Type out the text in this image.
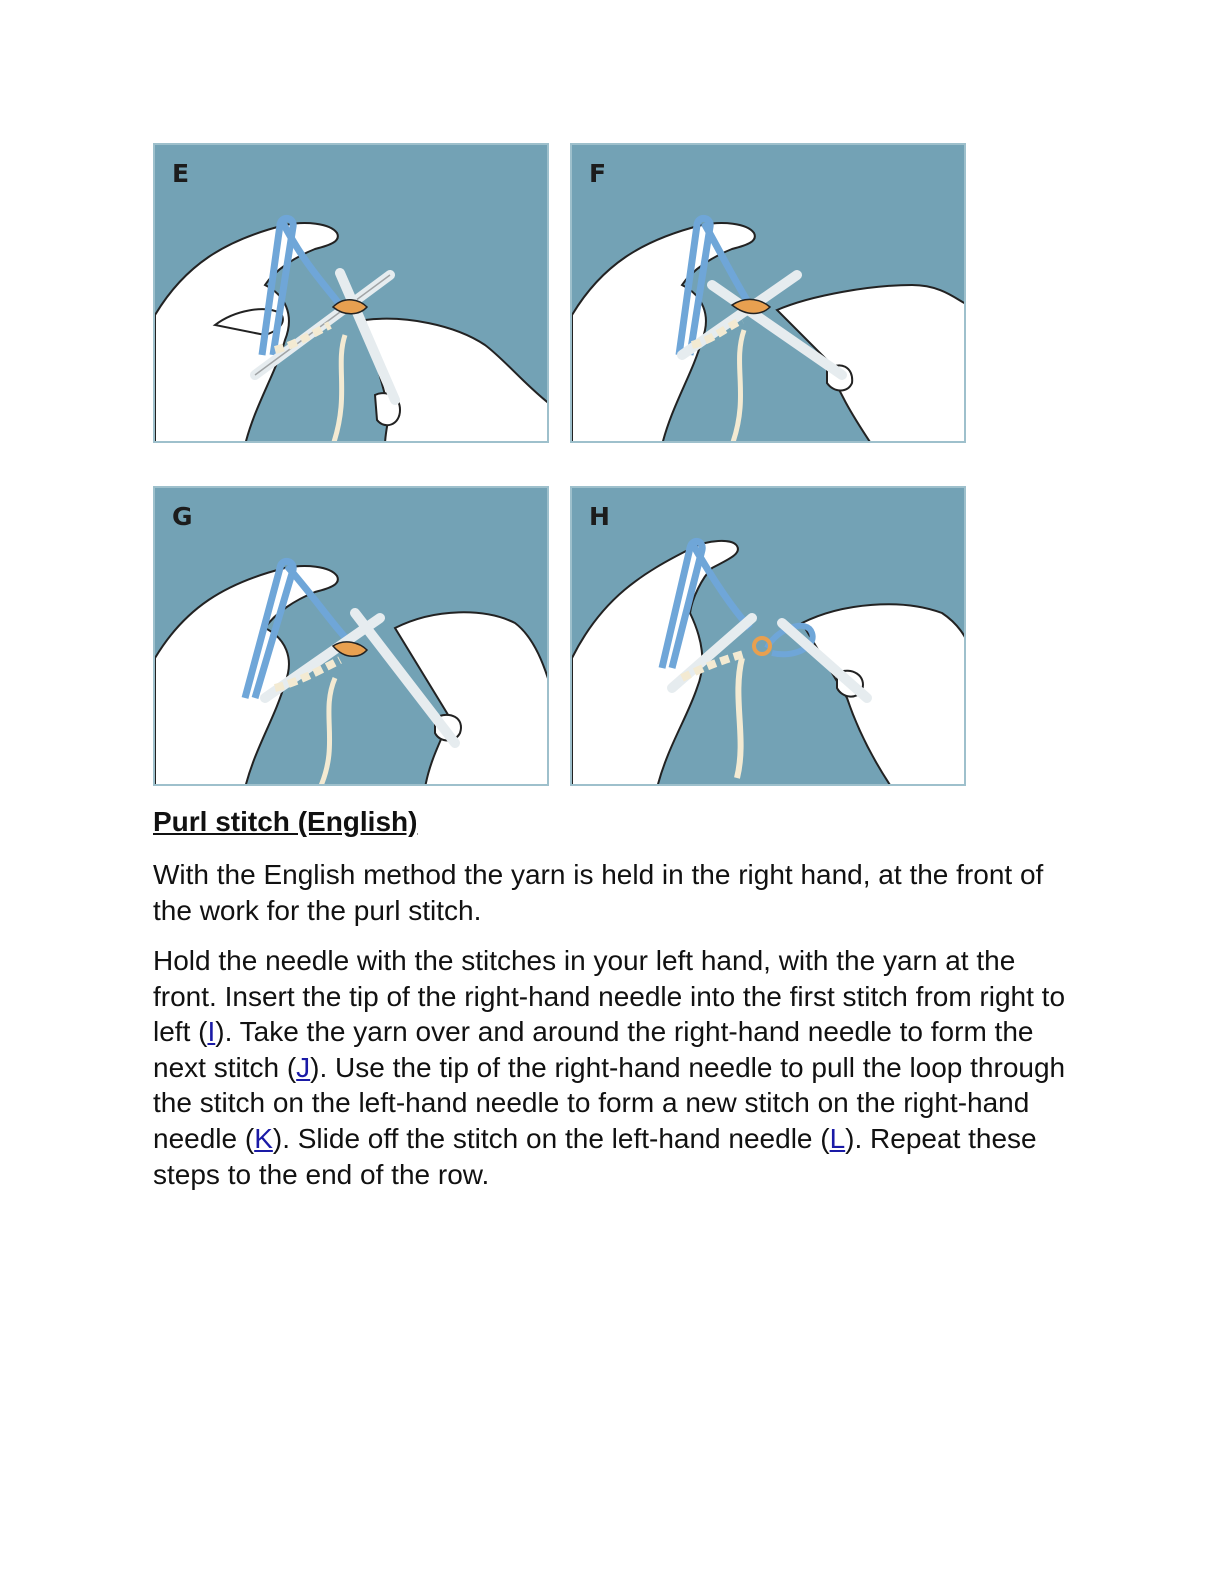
E	F
G	H
Purl stitch (English)

With the English method the yarn is held in the right hand, at the front of the work for the purl stitch.

Hold the needle with the stitches in your left hand, with the yarn at the front. Insert the tip of the right-hand needle into the first stitch from right to left (I). Take the yarn over and around the right-hand needle to form the next stitch (J). Use the tip of the right-hand needle to pull the loop through the stitch on the left-hand needle to form a new stitch on the right-hand needle (K). Slide off the stitch on the left-hand needle (L). Repeat these steps to the end of the row.
